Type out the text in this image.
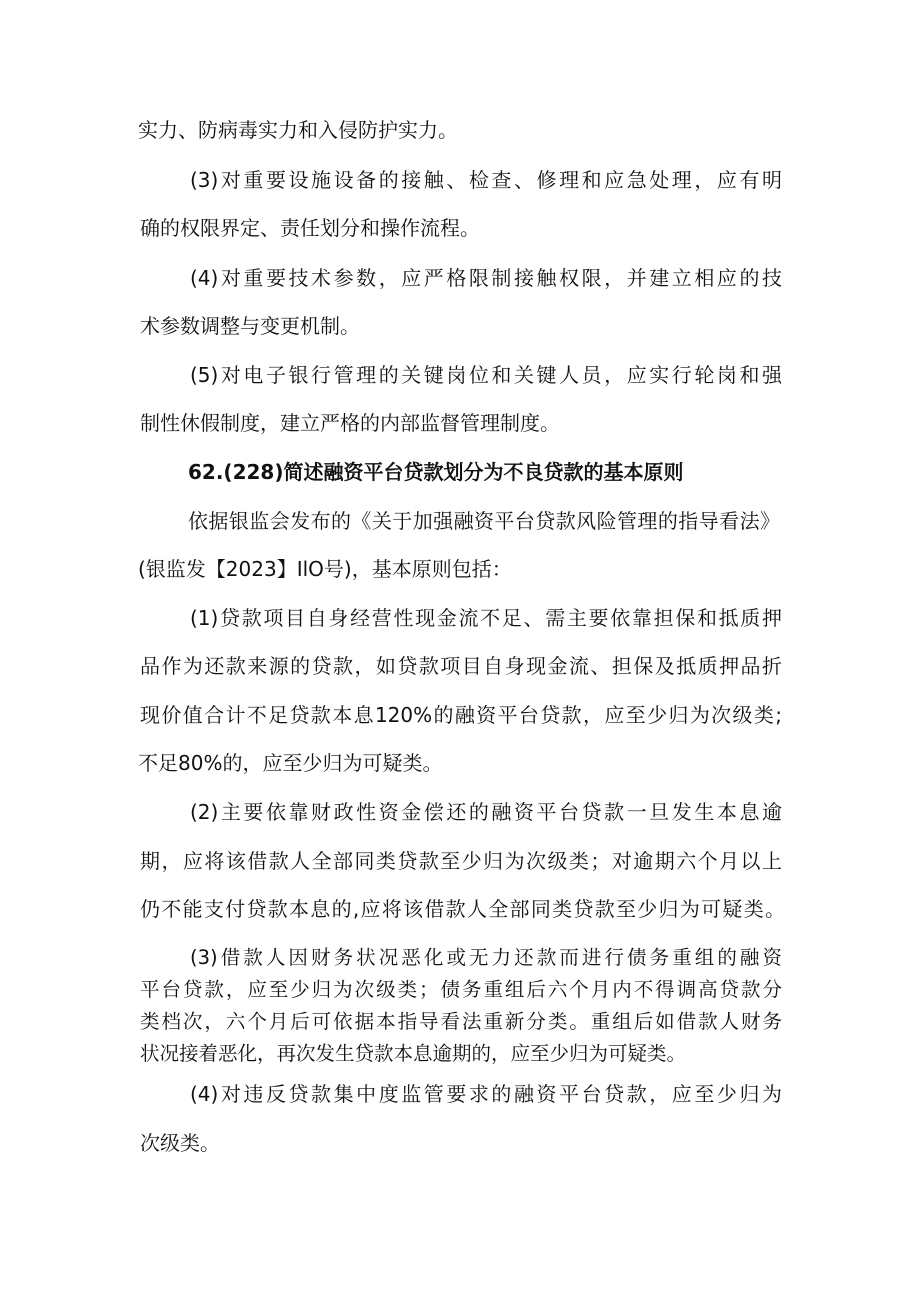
实力、防病毒实力和入侵防护实力。
(3)对重要设施设备的接触、检查、修理和应急处理，应有明
确的权限界定、责任划分和操作流程。
(4)对重要技术参数，应严格限制接触权限，并建立相应的技
术参数调整与变更机制。
(5)对电子银行管理的关键岗位和关键人员，应实行轮岗和强
制性休假制度，建立严格的内部监督管理制度。
62.(228)简述融资平台贷款划分为不良贷款的基本原则
依据银监会发布的《关于加强融资平台贷款风险管理的指导看法》
(银监发【2023】IlO号)，基本原则包括：
(1)贷款项目自身经营性现金流不足、需主要依靠担保和抵质押
品作为还款来源的贷款，如贷款项目自身现金流、担保及抵质押品折
现价值合计不足贷款本息120%的融资平台贷款，应至少归为次级类;
不足80%的，应至少归为可疑类。
(2)主要依靠财政性资金偿还的融资平台贷款一旦发生本息逾
期，应将该借款人全部同类贷款至少归为次级类；对逾期六个月以上
仍不能支付贷款本息的,应将该借款人全部同类贷款至少归为可疑类。
(3)借款人因财务状况恶化或无力还款而进行债务重组的融资
平台贷款，应至少归为次级类；债务重组后六个月内不得调高贷款分
类档次，六个月后可依据本指导看法重新分类。重组后如借款人财务
状况接着恶化，再次发生贷款本息逾期的，应至少归为可疑类。
(4)对违反贷款集中度监管要求的融资平台贷款，应至少归为
次级类。
